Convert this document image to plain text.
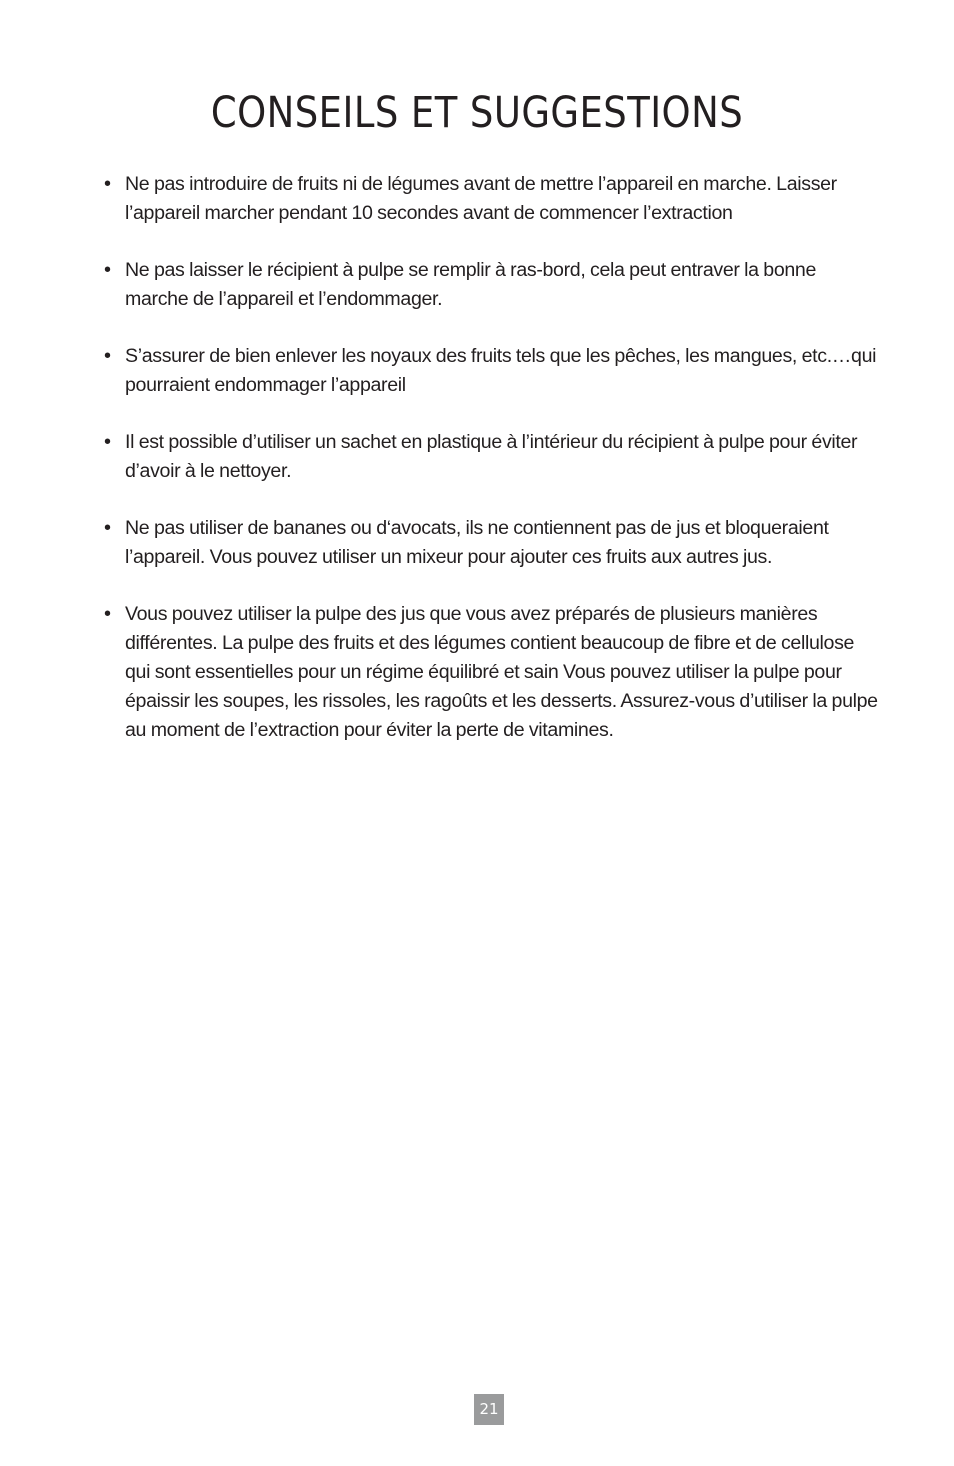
CONSEILS ET SUGGESTIONS
• Ne pas introduire de fruits ni de légumes avant de mettre l’appareil en marche. Laisser l’appareil marcher pendant 10 secondes avant de commencer l’extraction
• Ne pas laisser le récipient à pulpe se remplir à ras-bord, cela peut entraver la bonne marche de l’appareil et l’endommager.
• S’assurer de bien enlever les noyaux des fruits tels que les pêches, les mangues, etc.…qui pourraient endommager l’appareil
• Il est possible d’utiliser un sachet en plastique à l’intérieur du récipient à pulpe pour éviter d’avoir à le nettoyer.
• Ne pas utiliser de bananes ou d‘avocats, ils ne contiennent pas de jus et bloqueraient l’appareil. Vous pouvez utiliser un mixeur pour ajouter ces fruits aux autres jus.
• Vous pouvez utiliser la pulpe des jus que vous avez préparés de plusieurs manières différentes. La pulpe des fruits et des légumes contient beaucoup de fibre et de cellulose qui sont essentielles pour un régime équilibré et sain Vous pouvez utiliser la pulpe pour épaissir les soupes, les rissoles, les ragoûts et les desserts. Assurez-vous d’utiliser la pulpe au moment de l’extraction pour éviter la perte de vitamines.
21
